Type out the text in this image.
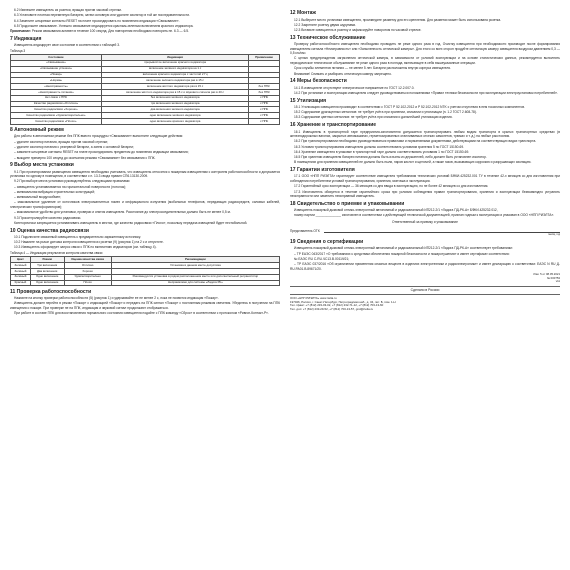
6.2 Извлеките извещатель из розетки, вращая против часовой стрелки.

6.3 Установите плотная переменную батарею, затем основную или удалите изолятор в той же последовательности.

6.4 Замените штыревые контакты RESET на плате прозондировать по появлению индикации «Связывание».

6.5 Продолжите связывание. Успешно связывание индицируется красным-зеленым включением красного индикатора.

Примечание: Режим связывания активен в течение 100 секунд. Для повторения необходимо повторить пп. 6.3 — 6.5.

7 Индикация

Извещатель индицирует свое состояние в соответствии с таблицей 3.

Таблица 3
Состояние	Индикация	Примечание
«Связывание»	прерывистое включение красного индикатора	
«Связывание успешно»	включение зелёного индикатора на 1 с	
«Пожар»	включение красного индикатора с частотой 2 Гц	
«Норма»	включение зелёного индикатора раз в 15 с	
«Неисправность»	включение жёлтого индикатора раз в 15 с	без ППК
«Неисправность питания»	включение жёлтого индикатора раз в 15 с и звукового сигнала раз в 40 с	без ППК
Нет связи с ППК	без включения зелёного индикатора	с ППК
Качество радиосвязи «Отлично»	три включения зелёного индикатора	с ППК
Качество радиосвязи «Хорошо»	два включения зелёного индикатора	с ППК
Качество радиосвязи «Удовлетворительно»	одно включение зелёного индикатора	с ППК
Качество радиосвязи «Плохо»	одно включение красного индикатора	с ППК
8 Автономный режим

Для работы в автономном режиме без ППК вместо процедуры «Связывание» выполните следующие действия:

– удалите изолятор питания, вращая против часовой стрелки;

– удалите изолятор питания с резервной батареи, а затем с основной батареи;

– замкните штыревые контакты RESET на плате прозондировать предметом до появления индикации связывания;

– выждите примерно 100 секунд до окончания режима «Связывание» без связывания с ППК.

9 Выбор места установки

9.1 При проектировании размещения извещателя необходимо учитывать, что извещатель относится к пожарным извещателям с контролем работоспособности и допускается установка по одному в помещении, в соответствии с п. 13.3 свода правил СП6.13130.2009.

9.2 При выборе места установки руководствуйтесь следующими правилами:

– извещатель устанавливается на горизонтальной поверхности (потолок);

– минимальная вибрация строительных конструкций;

– минимальный воздухообмен;

– максимальное удаление от источников электромагнитных помех и инфракрасного излучения (мобильных телефонов, передающих радиосредств, силовых кабелей, электрических трансформаторов);

– максимальное удобство для установки, проверки и снятия извещателя. Расстояние до электросоединительных должно быть не менее 0,5 м.

9.3 Проконтролируйте качество радиосвязи.

Категорически запрещается устанавливать извещатель в местах, где качество радиосвязи «Плохо», поскольку передача извещений будет нестабильной.

10 Оценка качества радиосвязи

10.1 Подключите связанный извещатель к предварительно заряженному источнику.

10.2 Нажмите на рычаг датчика контроля извещателя из розетки (9) (рисунок 1) на 2 с и отпустите.

10.3 Извещатель сформирует запрос связи с ППК по включению индикаторов (см. таблицу 4).

Таблица 4 — Индикация результатов контроля качества связи
Цвет	Режим	Оценка качества связи	Рекомендации
Зелёный	Три включения	Отлично	Установка в данном месте допустима
Зелёный	Два включения	Хорошо	
Зелёный	Одно включение	Удовлетворительно	Рекомендуется установка в рядом расположенном месте или дополнительный ретранслятор
Красный	Одно включение	Плохо	Неприемлемо для системы «Ладога РК»
11 Проверка работоспособности

Нажмите на кнопку проверки работоспособности (5) (рисунок 1) и удерживайте ее не менее 2 с, пока не появится индикация «Пожар».

Извещатель должен перейти в режим «Пожар» с индикацией «Пожар» и передать на ППК сигнал «Пожар» с постоянным режимом свечения. Убедитесь в получении на ППК извещения о пожаре. При проверке не на ППК, индикация и звуковой сигнал продолжают отображаться.

При работе в составе ППК для восстановления нормального состояния извещателя подайте с ППК команду «Сброс» в соответствии с протоколом «Ривгоп-Контакт-Р».

12 Монтаж

12.1 Выберите место установки извещателя, произведите разметку для его крепления. Для разметки может быть использована розетка.

12.2 Закрепите розетку двумя шурупами.

12.3 Вставьте извещатель в розетку и зафиксируйте поворотом по часовой стрелке.

13 Техническое обслуживание

Проверку работоспособности извещателя необходимо проводить не реже одного раза в год. Очистку извещателя при необходимости производят после формирования извещателем сигнала «Неисправность» или «Запыленность оптической камеры». Для этого со всех сторон продуйте оптическую камеру извещателя воздухом давлением 0,3 — 0,5 кгс/см².

С целью предупреждения загрязнения оптической камеры, в зависимости от условий эксплуатации и на основе статистических данных, рекомендуется выполнять периодическое техническое обслуживание не реже одного раза в полгода, включающее в себя вышеуказанные операции.

Срок службы элементов питания — не менее 5 лет. Батареи расположены внутри корпуса извещателя.

Внимание! Снимать и разбирать оптическую камеру запрещено.

14 Меры безопасности

14.1 В извещателе отсутствуют электрическое напряжение по ГОСТ 12.2.007.0.

14.2 При установке и эксплуатации извещателя следует руководствоваться положениями «Правил техники безопасности при эксплуатации электроустановок потребителей».

15 Утилизация

15.1 Утилизацию извещателя производят в соответствии с ГОСТ Р 52.102-2012 и Р 52.102-2012 NTK с учетом отсутствия в нем токсичных компонентов.

15.2 Содержание драгоценных металлов: не требует учёта при хранении, списании и утилизации (п. 1.2 ГОСТ 2.608-78).

15.3 Содержание цветных металлов: не требует учёта при списании и дальнейшей утилизации изделия.

16 Хранение и транспортирование

16.1 Извещатель в транспортной таре предприятия-изготовителя допускается транспортировать любым видом транспорта в крытых транспортных средствах (в железнодорожных вагонах, закрытых автомашинах, герметизированных отапливаемых отсеках самолетов, трюмах и т. д.) на любые расстояния.

16.2 При транспортировании необходимо руководствоваться правилами и нормативными документами, действующими на соответствующих видах транспорта.

16.3 Условия транспортирования извещателя должны соответствовать условиям хранения 5 по ГОСТ 15150-69.

16.4 Хранение извещателя в упаковке в транспортной таре должно соответствовать условиям 1 по ГОСТ 15150-69.

16.5 При хранении извещателя батареи питания должны быть изъяты из держателей, либо должен быть установлен изолятор.

В помещениях для хранения извещателей не должно быть пыли, паров кислот и щелочей, а также газов, вызывающих коррозию и разрушающих изоляцию.

17 Гарантии изготовителя

17.1 ООО «НПП РИЭЛТА» гарантирует соответствие извещателя требованиям технических условий БФКИ.425232.001 ТУ в течение 42-х месяцев со дня изготовления при соблюдении потребителем условий транспортирования, хранения, монтажа и эксплуатации.

17.2 Гарантийный срок эксплуатации — 36 месяцев со дня ввода в эксплуатацию, но не более 42 месяцев со дня изготовления.

17.3 Изготовитель обязуется в течение гарантийного срока при условии соблюдения правил транспортирования, хранения и эксплуатации безвозмездно устранять неисправности или заменить неисправный извещатель.

18 Свидетельство о приемке и упаковывании

Извещатель пожарный дымовой оптико-электронный автономный и радиоканальный ИП212-2/1 «Ладога ПД-РК-А» БФКИ.425232.012,

номер партии ______________ изготовлен в соответствии с действующей технической документацией, признан годным к эксплуатации и упакован в ООО «НПП РИЭЛТА».

Ответственный за приемку и упаковывание

Представитель ОТК
месяц, год
19 Сведения о сертификации

Извещатель пожарный дымовой оптико-электронный автономный и радиоканальный ИП212-2/1 «Ладога ПД-РК-А» соответствует требованиям:

– ТР ЕАЭС 043/2017 «О требованиях к средствам обеспечения пожарной безопасности и пожаротушения» и имеет сертификат соответствия:

№ ЕАЭС RU C-RU.ЧС13.В.00119/21;

– ТР ЕАЭС 037/2016 «Об ограничении применения опасных веществ в изделиях электротехники и радиоэлектроники» и имеет декларацию о соответствии: ЕАЭС N RU Д-RU.РА01.В.89671/20.

Изм. 5 от 08.05.2021
№ 000753
v11
Сделано в России
ООО «НПП РИЭЛТА» www.rielta.ru
197046, Россия, г. Санкт-Петербург, Петроградская наб., д. 34, лит. Б, пом. 1-Н
Тел. /факс: +7 (812) 233-03-02, +7 (812) 232-71-12, +7 (812) 703-13-60
Тел. доп: +7 (812) 233-29-52, +7 (812) 703-13-57, gnd@rielta.ru
